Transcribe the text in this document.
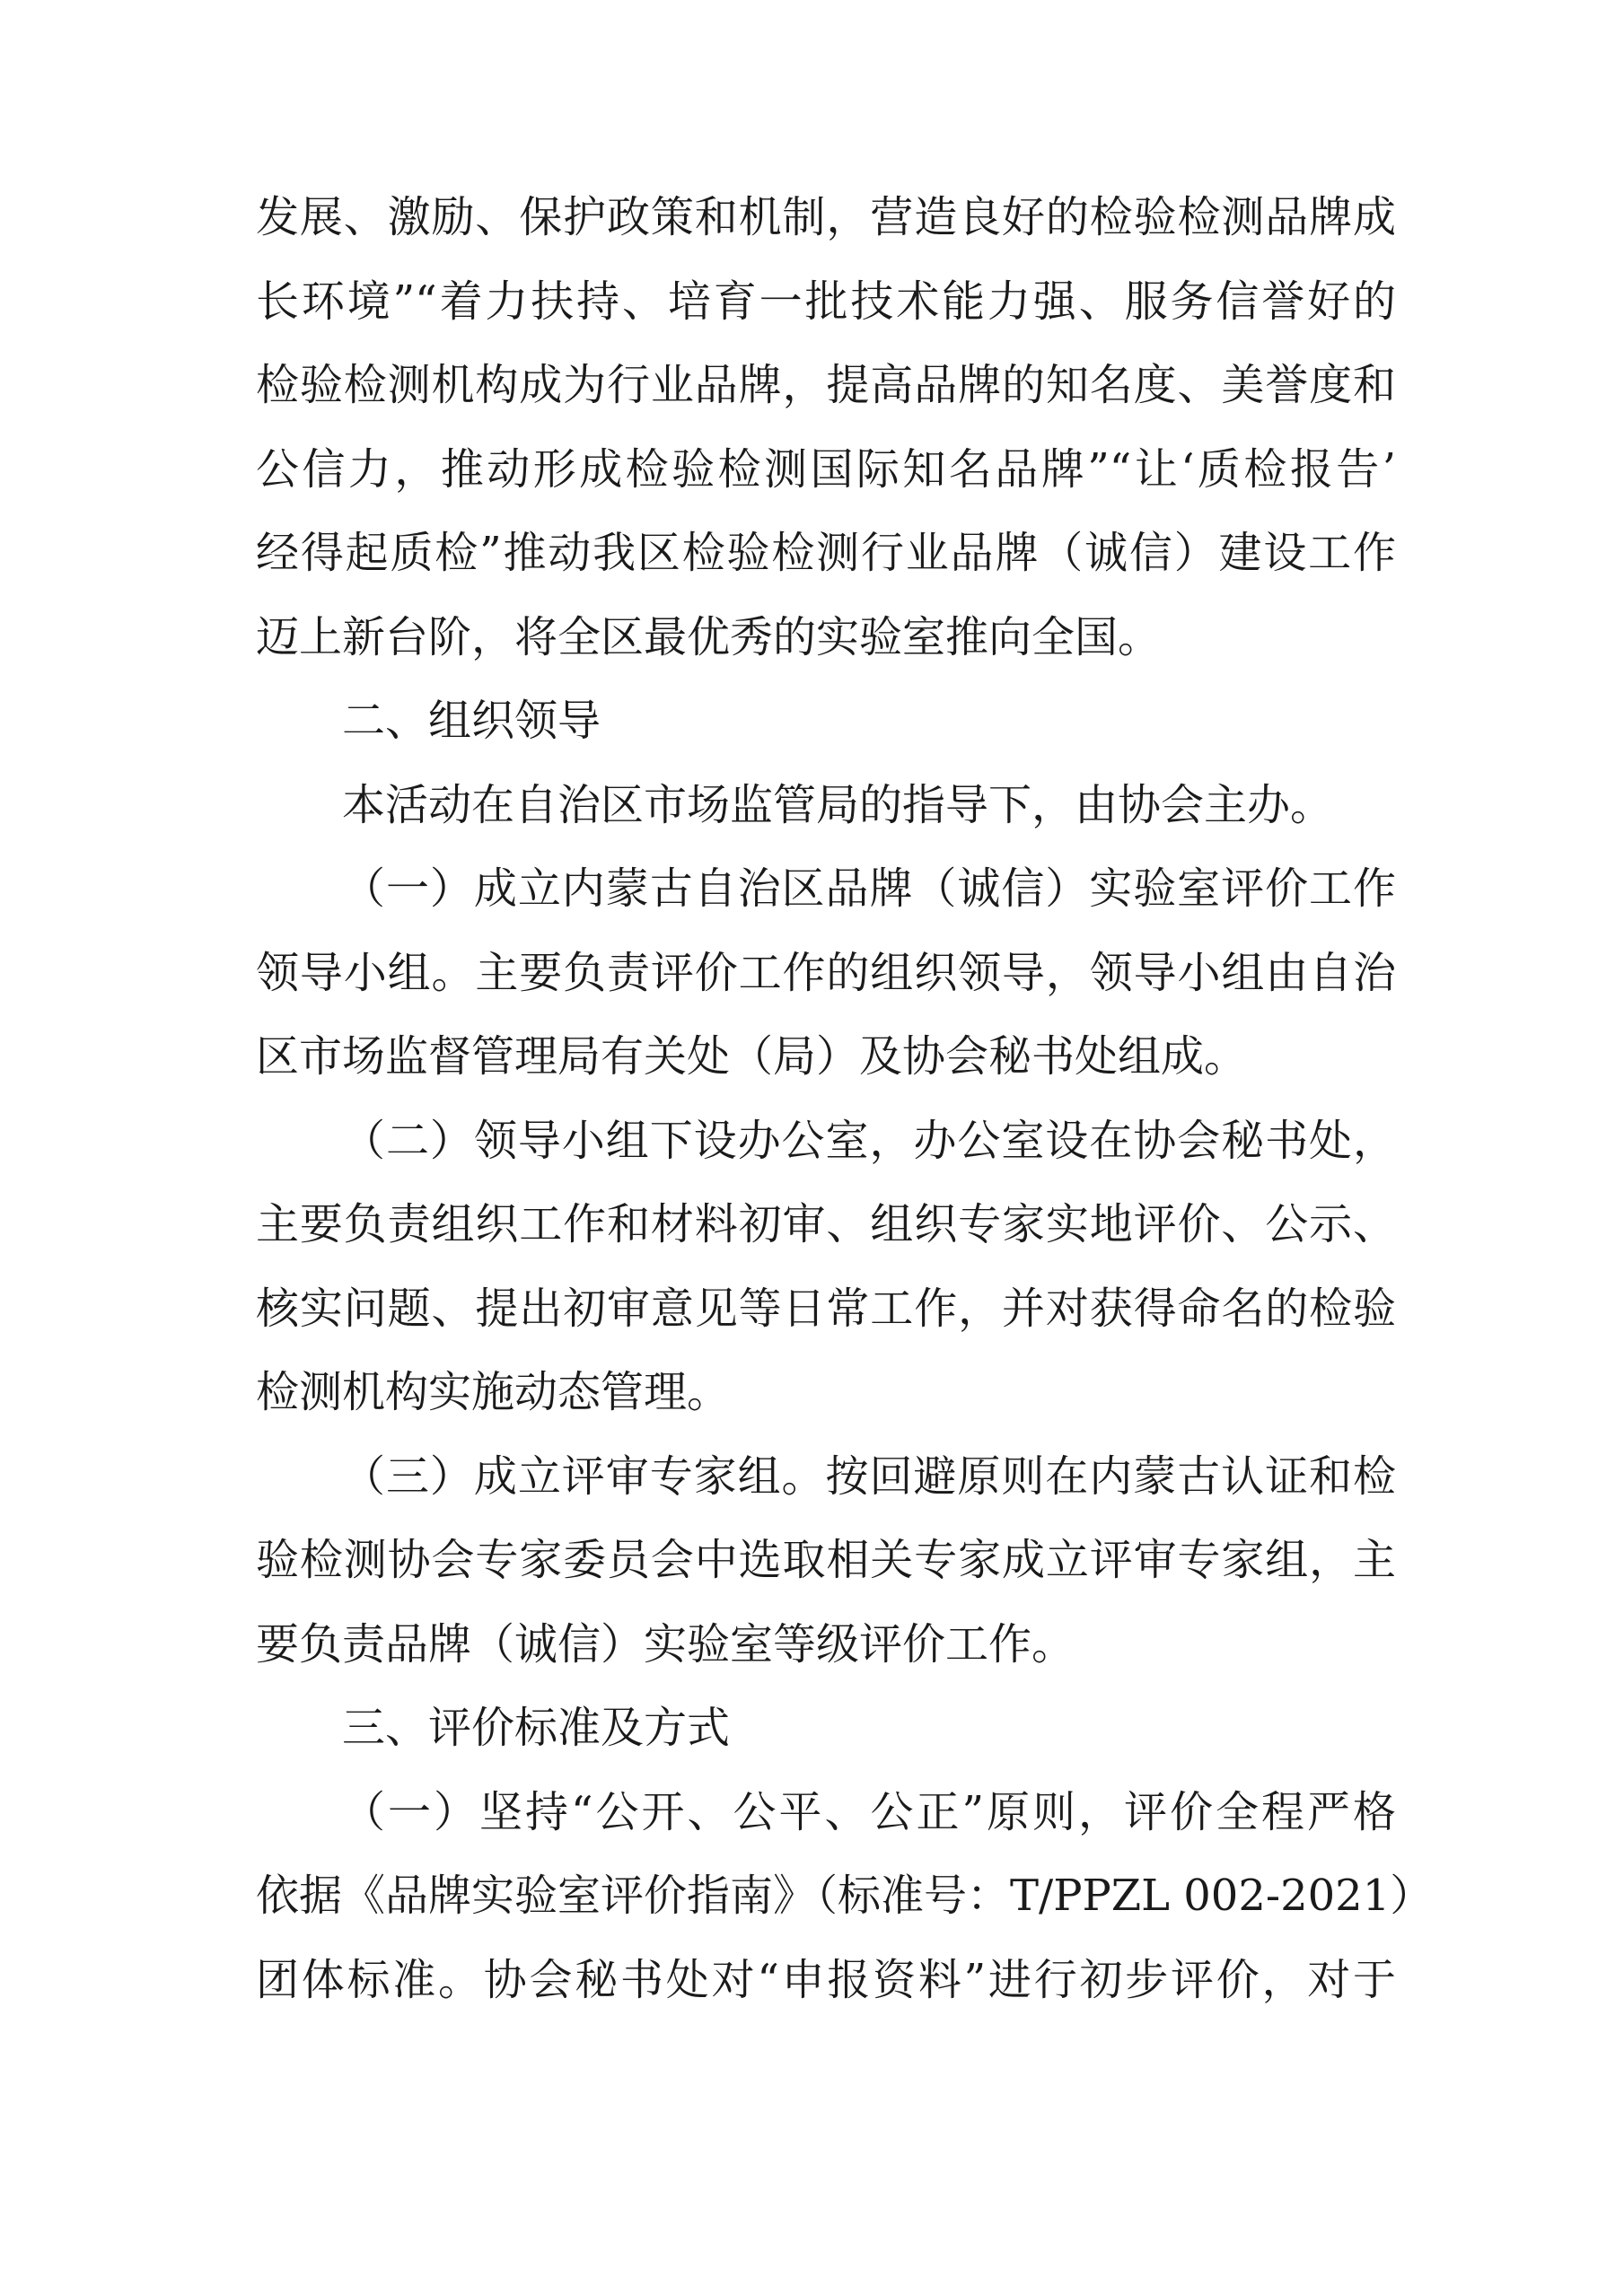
发展、激励、保护政策和机制，营造良好的检验检测品牌成
长环境”“着力扶持、培育一批技术能力强、服务信誉好的
检验检测机构成为行业品牌，提高品牌的知名度、美誉度和
公信力，推动形成检验检测国际知名品牌”“让‘质检报告’
经得起质检”推动我区检验检测行业品牌（诚信）建设工作
迈上新台阶，将全区最优秀的实验室推向全国。
二、组织领导
本活动在自治区市场监管局的指导下，由协会主办。
（一）成立内蒙古自治区品牌（诚信）实验室评价工作
领导小组。主要负责评价工作的组织领导，领导小组由自治
区市场监督管理局有关处（局）及协会秘书处组成。
（二）领导小组下设办公室，办公室设在协会秘书处，
主要负责组织工作和材料初审、组织专家实地评价、公示、
核实问题、提出初审意见等日常工作，并对获得命名的检验
检测机构实施动态管理。
（三）成立评审专家组。按回避原则在内蒙古认证和检
验检测协会专家委员会中选取相关专家成立评审专家组，主
要负责品牌（诚信）实验室等级评价工作。
三、评价标准及方式
（一）坚持“公开、公平、公正”原则，评价全程严格
依据《品牌实验室评价指南》（标准号：T/PPZL 002-2021）
团体标准。协会秘书处对“申报资料”进行初步评价，对于
